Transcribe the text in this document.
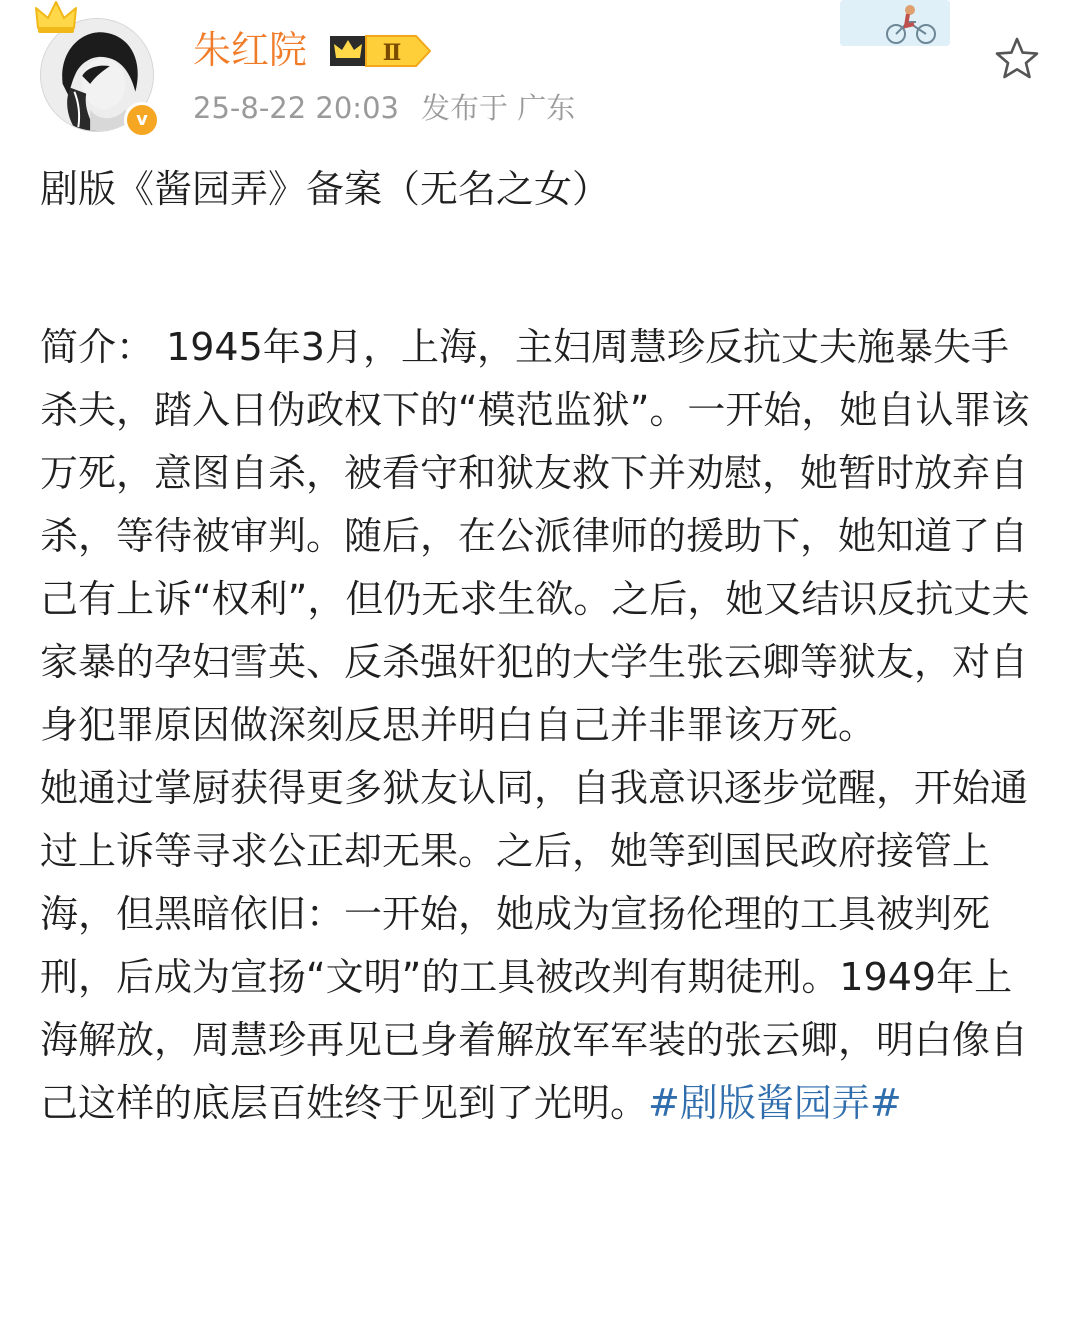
v
朱红院	Ⅱ
25-8-22 20:03 发布于 广东

剧版《酱园弄》备案（无名之女）

简介： 1945年3月，上海，主妇周慧珍反抗丈夫施暴失手杀夫，踏入日伪政权下的“模范监狱”。一开始，她自认罪该万死，意图自杀，被看守和狱友救下并劝慰，她暂时放弃自杀，等待被审判。随后，在公派律师的援助下，她知道了自己有上诉“权利”，但仍无求生欲。之后，她又结识反抗丈夫家暴的孕妇雪英、反杀强奸犯的大学生张云卿等狱友，对自身犯罪原因做深刻反思并明白自己并非罪该万死。

她通过掌厨获得更多狱友认同，自我意识逐步觉醒，开始通过上诉等寻求公正却无果。之后，她等到国民政府接管上海，但黑暗依旧：一开始，她成为宣扬伦理的工具被判死刑，后成为宣扬“文明”的工具被改判有期徒刑。1949年上海解放，周慧珍再见已身着解放军军装的张云卿，明白像自己这样的底层百姓终于见到了光明。#剧版酱园弄#
